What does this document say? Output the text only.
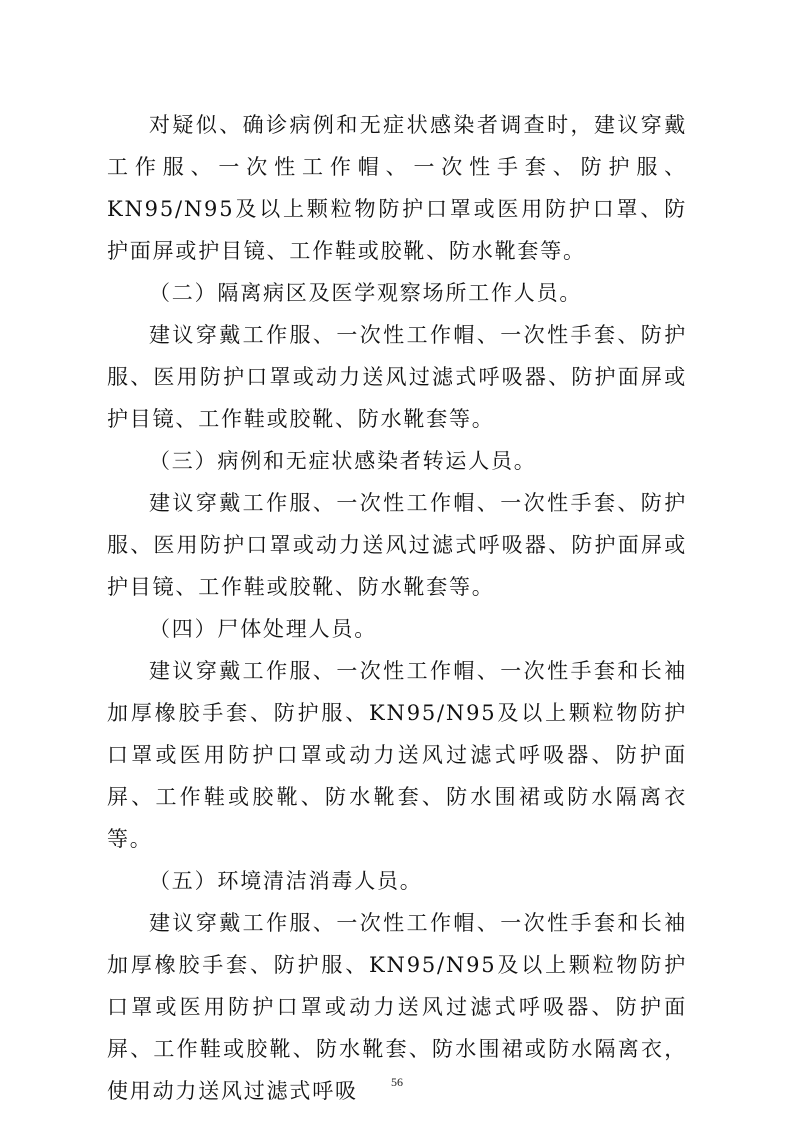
对疑似、确诊病例和无症状感染者调查时，建议穿戴工作服、一次性工作帽、一次性手套、防护服、KN95/N95及以上颗粒物防护口罩或医用防护口罩、防护面屏或护目镜、工作鞋或胶靴、防水靴套等。

（二）隔离病区及医学观察场所工作人员。

建议穿戴工作服、一次性工作帽、一次性手套、防护服、医用防护口罩或动力送风过滤式呼吸器、防护面屏或护目镜、工作鞋或胶靴、防水靴套等。

（三）病例和无症状感染者转运人员。

建议穿戴工作服、一次性工作帽、一次性手套、防护服、医用防护口罩或动力送风过滤式呼吸器、防护面屏或护目镜、工作鞋或胶靴、防水靴套等。

（四）尸体处理人员。

建议穿戴工作服、一次性工作帽、一次性手套和长袖加厚橡胶手套、防护服、KN95/N95及以上颗粒物防护口罩或医用防护口罩或动力送风过滤式呼吸器、防护面屏、工作鞋或胶靴、防水靴套、防水围裙或防水隔离衣等。

（五）环境清洁消毒人员。

建议穿戴工作服、一次性工作帽、一次性手套和长袖加厚橡胶手套、防护服、KN95/N95及以上颗粒物防护口罩或医用防护口罩或动力送风过滤式呼吸器、防护面屏、工作鞋或胶靴、防水靴套、防水围裙或防水隔离衣，使用动力送风过滤式呼吸	56
